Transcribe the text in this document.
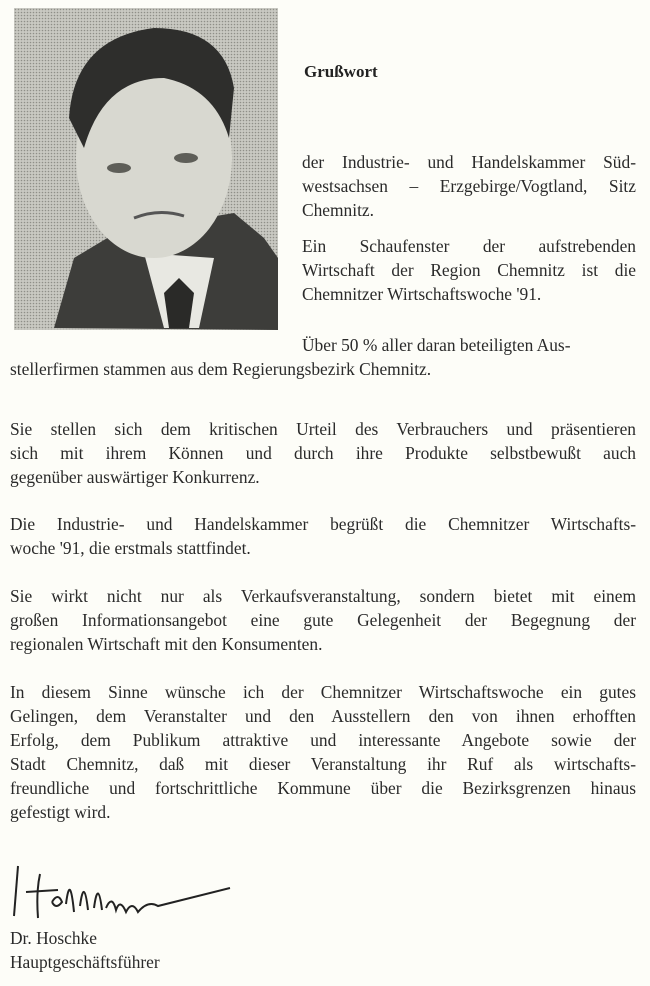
Grußwort
der Industrie- und Handelskammer Süd-
westsachsen – Erzgebirge/Vogtland, Sitz
Chemnitz.
Ein Schaufenster der aufstrebenden
Wirtschaft der Region Chemnitz ist die
Chemnitzer Wirtschaftswoche '91.
Über 50 % aller daran beteiligten Aus-
stellerfirmen stammen aus dem Regierungsbezirk Chemnitz.
Sie stellen sich dem kritischen Urteil des Verbrauchers und präsentieren
sich mit ihrem Können und durch ihre Produkte selbstbewußt auch
gegenüber auswärtiger Konkurrenz.
Die Industrie- und Handelskammer begrüßt die Chemnitzer Wirtschafts-
woche '91, die erstmals stattfindet.
Sie wirkt nicht nur als Verkaufsveranstaltung, sondern bietet mit einem
großen Informationsangebot eine gute Gelegenheit der Begegnung der
regionalen Wirtschaft mit den Konsumenten.
In diesem Sinne wünsche ich der Chemnitzer Wirtschaftswoche ein gutes
Gelingen, dem Veranstalter und den Ausstellern den von ihnen erhofften
Erfolg, dem Publikum attraktive und interessante Angebote sowie der
Stadt Chemnitz, daß mit dieser Veranstaltung ihr Ruf als wirtschafts-
freundliche und fortschrittliche Kommune über die Bezirksgrenzen hinaus
gefestigt wird.
Dr. Hoschke
Hauptgeschäftsführer
